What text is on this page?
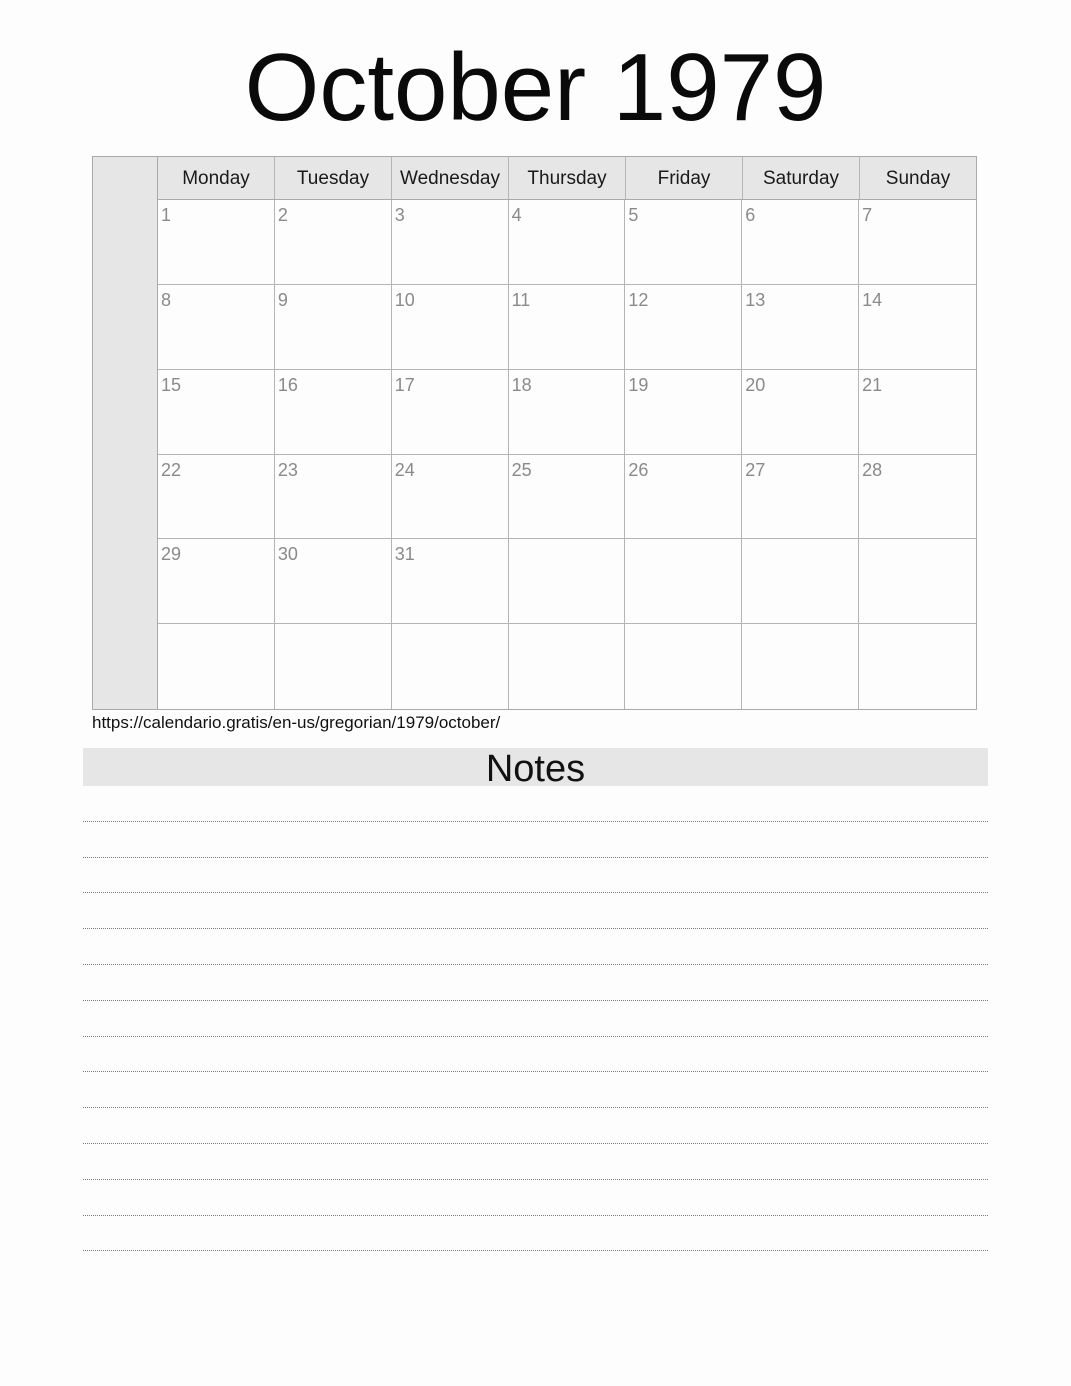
October 1979
Monday	Tuesday	Wednesday	Thursday	Friday	Saturday	Sunday
1	2	3	4	5	6	7
8	9	10	11	12	13	14
15	16	17	18	19	20	21
22	23	24	25	26	27	28
29	30	31
https://calendario.gratis/en-us/gregorian/1979/october/
Notes
